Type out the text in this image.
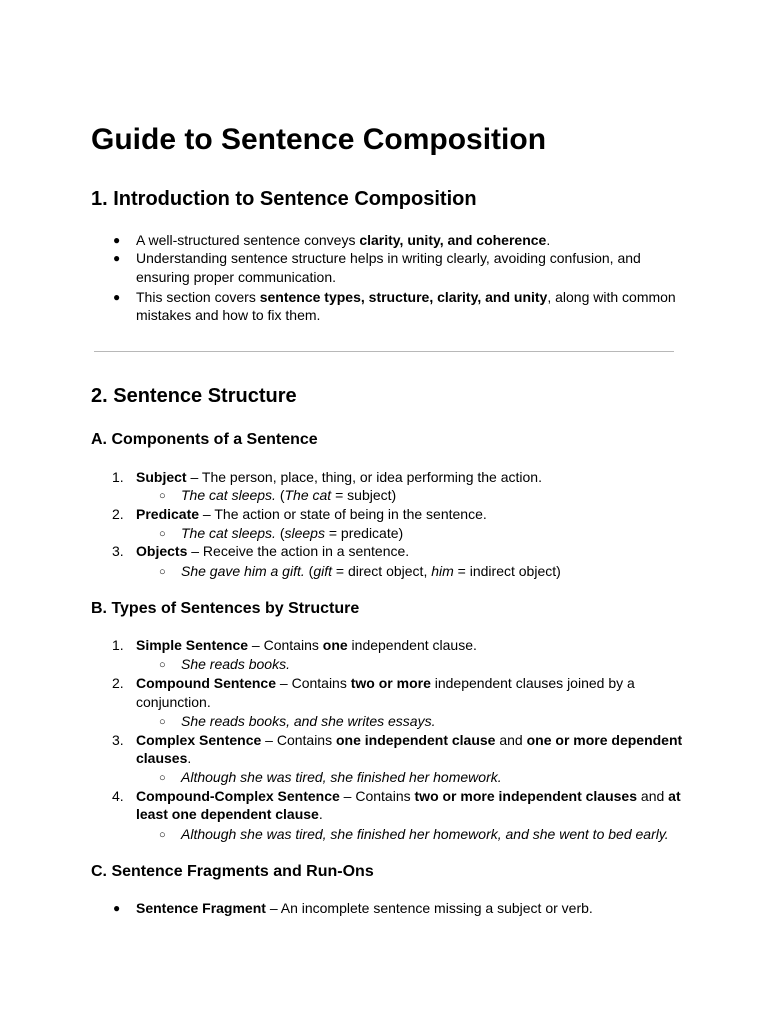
Guide to Sentence Composition
1. Introduction to Sentence Composition
● A well-structured sentence conveys clarity, unity, and coherence.
● Understanding sentence structure helps in writing clearly, avoiding confusion, and
ensuring proper communication.
● This section covers sentence types, structure, clarity, and unity, along with common
mistakes and how to fix them.
2. Sentence Structure
A. Components of a Sentence
1. Subject – The person, place, thing, or idea performing the action.
○ The cat sleeps. (The cat = subject)
2. Predicate – The action or state of being in the sentence.
○ The cat sleeps. (sleeps = predicate)
3. Objects – Receive the action in a sentence.
○ She gave him a gift. (gift = direct object, him = indirect object)
B. Types of Sentences by Structure
1. Simple Sentence – Contains one independent clause.
○ She reads books.
2. Compound Sentence – Contains two or more independent clauses joined by a
conjunction.
○ She reads books, and she writes essays.
3. Complex Sentence – Contains one independent clause and one or more dependent
clauses.
○ Although she was tired, she finished her homework.
4. Compound-Complex Sentence – Contains two or more independent clauses and at
least one dependent clause.
○ Although she was tired, she finished her homework, and she went to bed early.
C. Sentence Fragments and Run-Ons
● Sentence Fragment – An incomplete sentence missing a subject or verb.
